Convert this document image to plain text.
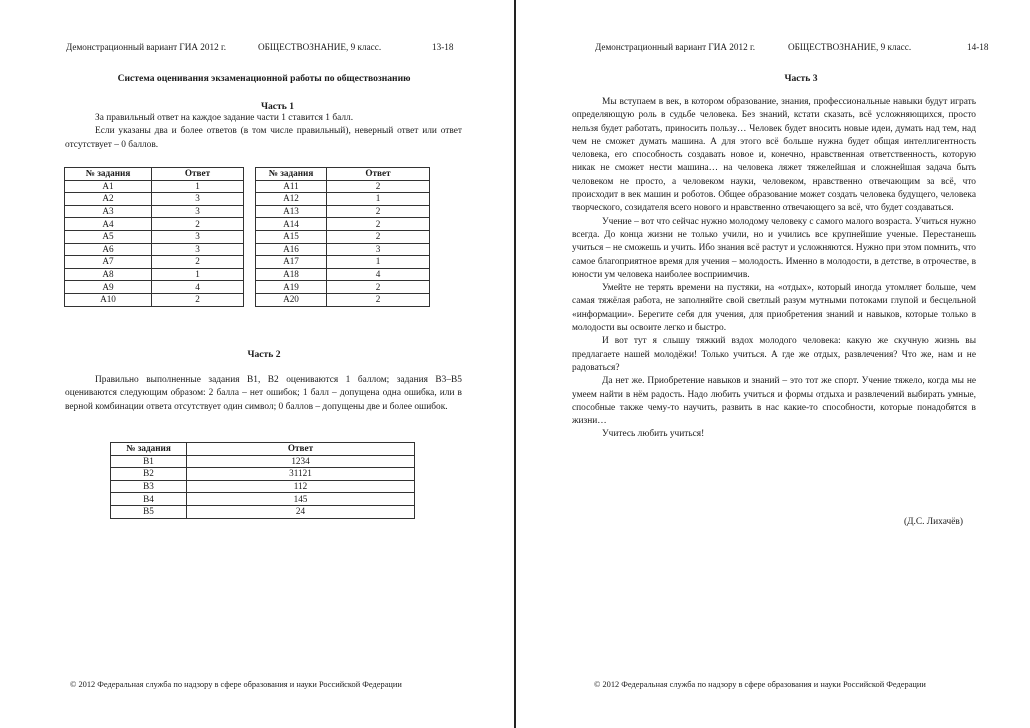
Демонстрационный вариант ГИА 2012 г.	ОБЩЕСТВОЗНАНИЕ, 9 класс.	13-18
Система оценивания экзаменационной работы по обществознанию
Часть 1

За правильный ответ на каждое задание части 1 ставится 1 балл.

Если указаны два и более ответов (в том числе правильный), неверный ответ или ответ отсутствует – 0 баллов.

№ задания	Ответ
A1	1
A2	3
A3	3
A4	2
A5	3
A6	3
A7	2
A8	1
A9	4
A10	2
№ задания	Ответ
A11	2
A12	1
A13	2
A14	2
A15	2
A16	3
A17	1
A18	4
A19	2
A20	2
Часть 2

Правильно выполненные задания B1, B2 оцениваются 1 баллом; задания B3–B5 оцениваются следующим образом: 2 балла – нет ошибок; 1 балл – допущена одна ошибка, или в верной комбинации ответа отсутствует один символ; 0 баллов – допущены две и более ошибок.

№ задания	Ответ
B1	1234
B2	31121
B3	112
B4	145
B5	24
© 2012 Федеральная служба по надзору в сфере образования и науки Российской Федерации
Демонстрационный вариант ГИА 2012 г.	ОБЩЕСТВОЗНАНИЕ, 9 класс.	14-18
Часть 3

Мы вступаем в век, в котором образование, знания, профессиональные навыки будут играть определяющую роль в судьбе человека. Без знаний, кстати сказать, всё усложняющихся, просто нельзя будет работать, приносить пользу… Человек будет вносить новые идеи, думать над тем, над чем не сможет думать машина. А для этого всё больше нужна будет общая интеллигентность человека, его способность создавать новое и, конечно, нравственная ответственность, которую никак не сможет нести машина… на человека ляжет тяжелейшая и сложнейшая задача быть человеком не просто, а человеком науки, человеком, нравственно отвечающим за всё, что происходит в век машин и роботов. Общее образование может создать человека будущего, человека творческого, созидателя всего нового и нравственно отвечающего за всё, что будет создаваться.

Учение – вот что сейчас нужно молодому человеку с самого малого возраста. Учиться нужно всегда. До конца жизни не только учили, но и учились все крупнейшие ученые. Перестанешь учиться – не сможешь и учить. Ибо знания всё растут и усложняются. Нужно при этом помнить, что самое благоприятное время для учения – молодость. Именно в молодости, в детстве, в отрочестве, в юности ум человека наиболее восприимчив.

Умейте не терять времени на пустяки, на «отдых», который иногда утомляет больше, чем самая тяжёлая работа, не заполняйте свой светлый разум мутными потоками глупой и бесцельной «информации». Берегите себя для учения, для приобретения знаний и навыков, которые только в молодости вы освоите легко и быстро.

И вот тут я слышу тяжкий вздох молодого человека: какую же скучную жизнь вы предлагаете нашей молодёжи! Только учиться. А где же отдых, развлечения? Что же, нам и не радоваться?

Да нет же. Приобретение навыков и знаний – это тот же спорт. Учение тяжело, когда мы не умеем найти в нём радость. Надо любить учиться и формы отдыха и развлечений выбирать умные, способные также чему-то научить, развить в нас какие-то способности, которые понадобятся в жизни…

Учитесь любить учиться!

(Д.С. Лихачёв)
© 2012 Федеральная служба по надзору в сфере образования и науки Российской Федерации
